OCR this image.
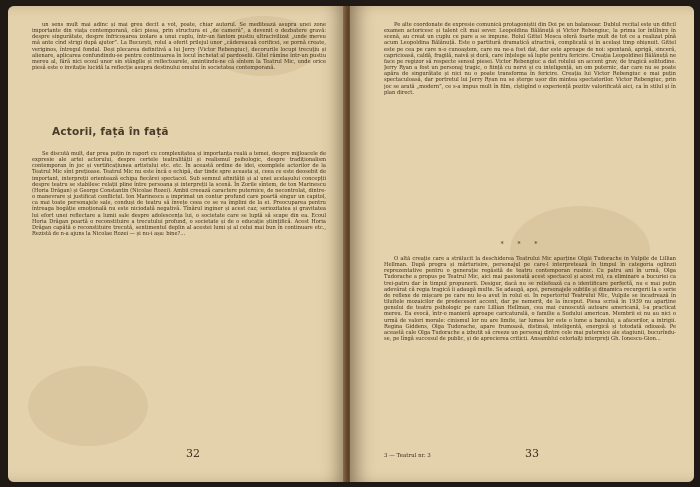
un sens mult mai adînc și mai greu decît a vot, poate, chiar autorul. Se meditează asupra unei zone importante din viața contemporană, căci piesa, prin structura ei „de camerǎ”, a devenit o dezbatere gravă: despre singurătate, despre înfricoșarea izolare a unui cuplu, într-un fantom pustiu ultracivilizat „unde mereu mă ante cînd strigi după ajutor”. La Bucurști, rolul a oferit prilejul unor „cădereacaă corificei, se pornă create, veriginos, întregul fondal. Deși plecarea definitivă a lui Jerry (Victor Rebengiuc), decorurile locupi trecuțiu și alienare, aplicarea confundindu-se pentru continuarea în locul încheiat al pardoselii. Gîtel rămîne într-un pustiu mereu al, fără nici ecoul unor sin stânglie și reflectoarele, amintindu-ne că sîntem la Teatrul Mic, unde orice piesă este o invitație lucidă la reflecție asupra destinului omului în societatea contemporană.

Actorii, față în față

Se discută mult, dar prea puțin în raport cu complexitatea și importanța reală a temei, despre mijloacele de expresie ale artei actorului, despre certele teatralității și realismul psihologic, despre tradiționalism contemporan în joc și vertificațiunea artistului etc. etc. În această ordine de idei, exemplele actorilor de la Teatrul Mic sînt prețioase. Teatrul Mic nu este încă o echipă, dar tinde spre aceasta și, ceea ce este deosebit de important, interpreții orientează echipa fiecărei spectacol. Sub semnul afinității și al unei acelașului concepții despre teatru se stabilesc relații pline între persoana și interpreții la scenă. În Zorile sîntem, de ton Marinescu (Horia Drăgan) și George Constantin (Nicolae Rozei). Ambii creează caractere puternice, de necontrolat, dintre-o manevrare și justificat conflictul. Ion Marinescu a imprimat un contur profund care poartă singur un capitol, ca mai toate personajele sale, conduși de teatru să învețe ceea ce se va împlini de la ei. Preocuparea pentru întreaga bogăție emoțională nu este niciodată negativă. Tînărul inginer și acest caz; seriozitatea și gravitatea lui efort unei reflectare a lumii sale despre adolescența lui, o societate care se luptă să scape din ea. Ecoul Horia Drăgan poartă o reconstituire a trecutului profund, o societate și de o educație științifică. Acest Horia Drăgan capătă o reconstituire trecută, sentimentul deplin al acestei lumi și al celui mai bun în continuare etc., Rezistă de n-a ajuns la Nicolae Rozei — și nu-i așa: bine?...

32

Pe alte coordonate de expresie comunică protagoniștii din Doi pe un balansoar. Dublul recital este un dificil examen actoricesc și talent cît mai sever. Leopoldina Bălănuță și Victor Rebengiuc, la prima lor întîlnire în scenă, au creat un cuplu ce pare a se impune. Rolul Gittel Mosca oferă foarte mult de tot ce a realizat pînă acum Leopoldina Bălănuță. Este o partitură dramatică atractivă, complicată și în același timp obișnuit. Gittel este pe cea pe care n-o cunoaștem, care nu ne-a fost dat, dar este aproape de noi: spontană, aprigă, sinceră, capricioasă, caldă, fragilă, naivă și dură, care înțelege să lupte pentru fericire. Creația Leopoldinei Bălănuță ne face pe regizor să respecte sensul piesei. Victor Rebengiuc a dat rolului un accent grav, de tragică solitudine. Jerry Ryan a fost un personaj tragic, o ființă cu nervi și cu inteligență, un om puternic, dar care nu se poate apăra de singurătate și nici nu o poate transforma în fericire. Creația lui Victor Rebengiuc e mai puțin spectaculoasă, dar portretul lui Jerry Ryan nu se șterge ușor din mintea spectatorilor. Victor Rebengiuc, prin joc se arată „modern”, ce s-a impus mult în film, cîștigînd o experiență pozitiv valorificată aici, ca în stilul și în plan direct.

* * *

O altă creație care a strălucit la deschiderea Teatrului Mic aparține Olgăi Tudorache în Vulpile de Lillian Hellman. După progra și mărturisire, personajul pe care-l interpretează în timpul în categoria oglinzii reprezentative pentru o generație regăsită de teatru contemporan rusinic. Cu patru ani în urmă, Olga Tudorache a propus pe Teatrul Mic, aici mai pasionată acest spectacol și acest rol, ca eliminare a bucuriei ca trei-patru dar în timpul propunerii. Desigur, dacă nu se reliefează ca o identificare perfectă, nu e mai puțin adevărat că regia tragică îi adaugă multe. Se adaugă, apoi, personajele subtile și dinamica recurgerii la o serie de reflexe de mișcare pe care nu le-a avut în rolul ei. În repertoriul Teatrului Mic, Vulpile se încadrează în tiluitele mozaicilor de predecesori accent, dar pe nemerit, de la început. Piesa scrisă în 1939 nu aparține genului de teatru psihologic pe care Lillian Hellman, cea mai cunoscută autoare americană, l-a practicat mereu. Ea evocă, într-o manieră aproape caricaturală, o familie a Sudului american. Membrii ei nu au nici o urmă de valori morale: cinismul lor nu are limite, iar lumea lor este o lume a banului, a afacerilor, a intrigii. Regina Giddens, Olga Tudorache, apare frumoasă, distinsă, inteligentă, energică și totodată odioasă. Pe această cale Olga Tudorache a izbutit să creeze un personaj dintre cele mai puternice ale stagiunii, bucurîndu-se, pe lîngă succesul de public, și de aprecierea criticii. Ansamblul celorlalți interpreți Gh. Ionescu-Gion...

3 — Teatrul nr. 3	33
